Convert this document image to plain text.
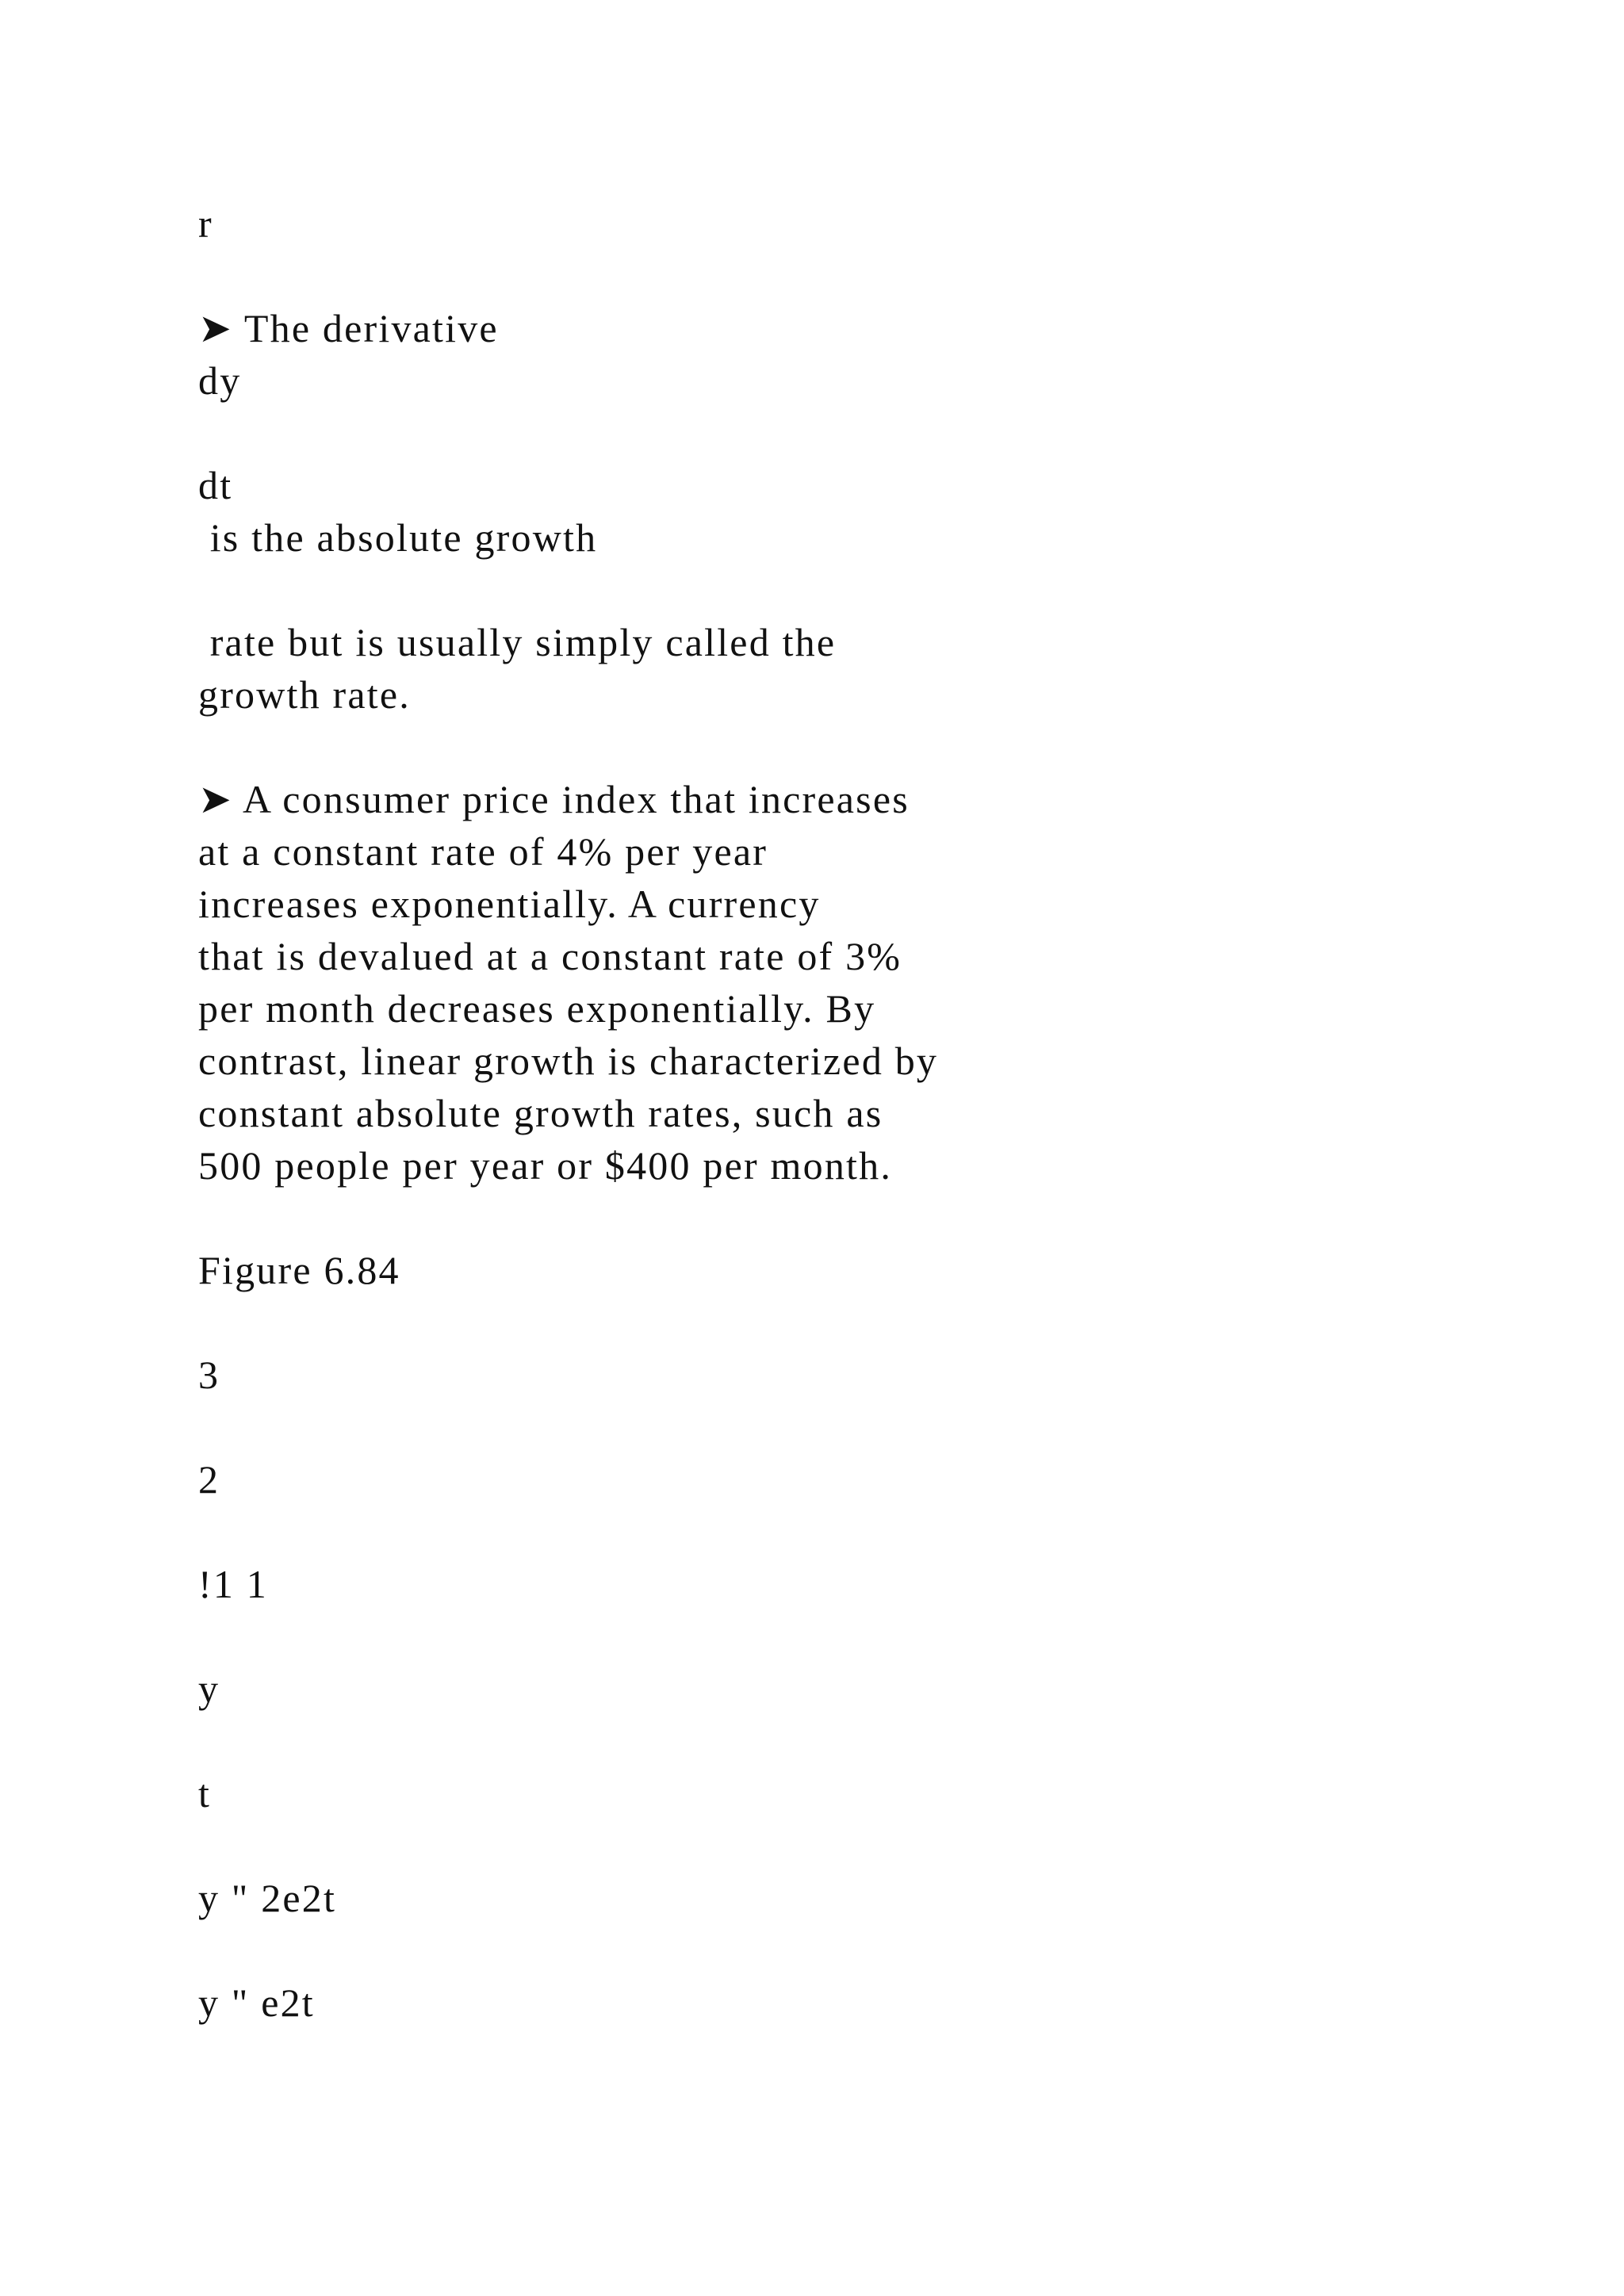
r

➤ The derivative

dy

dt

is the absolute growth

rate but is usually simply called the

growth rate.

➤ A consumer price index that increases

at a constant rate of 4% per year

increases exponentially. A currency

that is devalued at a constant rate of 3%

per month decreases exponentially. By

contrast, linear growth is characterized by

constant absolute growth rates, such as

500 people per year or $400 per month.

Figure 6.84

3

2

!1 1

y

t

y " 2e2t

y " e2t
